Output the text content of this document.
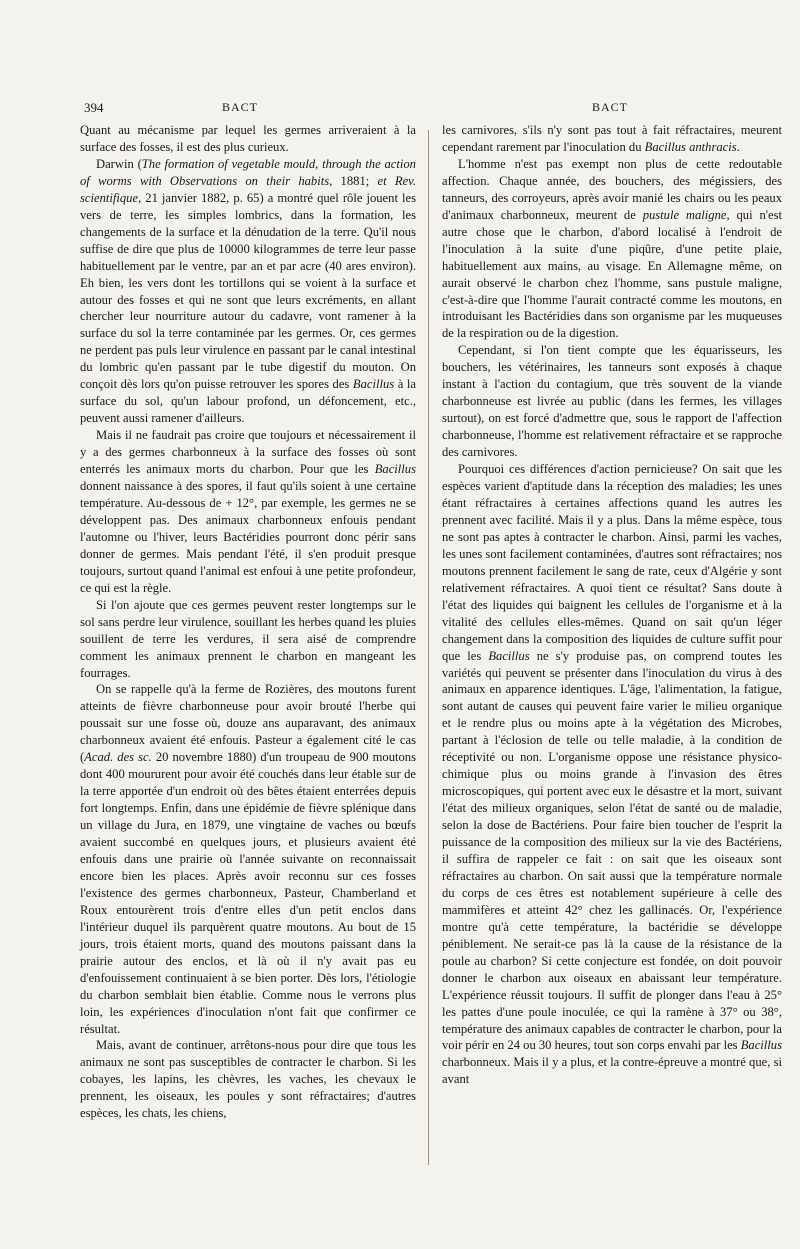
394	BACT	BACT

Quant au mécanisme par lequel les germes arriveraient à la surface des fosses, il est des plus curieux.

Darwin (The formation of vegetable mould, through the action of worms with Observations on their habits, 1881; et Rev. scientifique, 21 janvier 1882, p. 65) a montré quel rôle jouent les vers de terre, les simples lombrics, dans la formation, les changements de la surface et la dénudation de la terre. Qu'il nous suffise de dire que plus de 10000 kilogrammes de terre leur passe habituellement par le ventre, par an et par acre (40 ares environ). Eh bien, les vers dont les tortillons qui se voient à la surface et autour des fosses et qui ne sont que leurs excréments, en allant chercher leur nourriture autour du cadavre, vont ramener à la surface du sol la terre contaminée par les germes. Or, ces germes ne perdent pas puls leur virulence en passant par le canal intestinal du lombric qu'en passant par le tube digestif du mouton. On conçoit dès lors qu'on puisse retrouver les spores des Bacillus à la surface du sol, qu'un labour profond, un défoncement, etc., peuvent aussi ramener d'ailleurs.

Mais il ne faudrait pas croire que toujours et nécessairement il y a des germes charbonneux à la surface des fosses où sont enterrés les animaux morts du charbon. Pour que les Bacillus donnent naissance à des spores, il faut qu'ils soient à une certaine température. Au-dessous de + 12°, par exemple, les germes ne se développent pas. Des animaux charbonneux enfouis pendant l'automne ou l'hiver, leurs Bactéridies pourront donc périr sans donner de germes. Mais pendant l'été, il s'en produit presque toujours, surtout quand l'animal est enfoui à une petite profondeur, ce qui est la règle.

Si l'on ajoute que ces germes peuvent rester longtemps sur le sol sans perdre leur virulence, souillant les herbes quand les pluies souillent de terre les verdures, il sera aisé de comprendre comment les animaux prennent le charbon en mangeant les fourrages.

On se rappelle qu'à la ferme de Rozières, des moutons furent atteints de fièvre charbonneuse pour avoir brouté l'herbe qui poussait sur une fosse où, douze ans auparavant, des animaux charbonneux avaient été enfouis. Pasteur a également cité le cas (Acad. des sc. 20 novembre 1880) d'un troupeau de 900 moutons dont 400 moururent pour avoir été couchés dans leur étable sur de la terre apportée d'un endroit où des bêtes étaient enterrées depuis fort longtemps. Enfin, dans une épidémie de fièvre splénique dans un village du Jura, en 1879, une vingtaine de vaches ou bœufs avaient succombé en quelques jours, et plusieurs avaient été enfouis dans une prairie où l'année suivante on reconnaissait encore bien les places. Après avoir reconnu sur ces fosses l'existence des germes charbonneux, Pasteur, Chamberland et Roux entourèrent trois d'entre elles d'un petit enclos dans l'intérieur duquel ils parquèrent quatre moutons. Au bout de 15 jours, trois étaient morts, quand des moutons paissant dans la prairie autour des enclos, et là où il n'y avait pas eu d'enfouissement continuaient à se bien porter. Dès lors, l'étiologie du charbon semblait bien établie. Comme nous le verrons plus loin, les expériences d'inoculation n'ont fait que confirmer ce résultat.

Mais, avant de continuer, arrêtons-nous pour dire que tous les animaux ne sont pas susceptibles de contracter le charbon. Si les cobayes, les lapins, les chèvres, les vaches, les chevaux le prennent, les oiseaux, les poules y sont réfractaires; d'autres espèces, les chats, les chiens,

les carnivores, s'ils n'y sont pas tout à fait réfractaires, meurent cependant rarement par l'inoculation du Bacillus anthracis.

L'homme n'est pas exempt non plus de cette redoutable affection. Chaque année, des bouchers, des mégissiers, des tanneurs, des corroyeurs, après avoir manié les chairs ou les peaux d'animaux charbonneux, meurent de pustule maligne, qui n'est autre chose que le charbon, d'abord localisé à l'endroit de l'inoculation à la suite d'une piqûre, d'une petite plaie, habituellement aux mains, au visage. En Allemagne même, on aurait observé le charbon chez l'homme, sans pustule maligne, c'est-à-dire que l'homme l'aurait contracté comme les moutons, en introduisant les Bactéridies dans son organisme par les muqueuses de la respiration ou de la digestion.

Cependant, si l'on tient compte que les équarisseurs, les bouchers, les vétérinaires, les tanneurs sont exposés à chaque instant à l'action du contagium, que très souvent de la viande charbonneuse est livrée au public (dans les fermes, les villages surtout), on est forcé d'admettre que, sous le rapport de l'affection charbonneuse, l'homme est relativement réfractaire et se rapproche des carnivores.

Pourquoi ces différences d'action pernicieuse? On sait que les espèces varient d'aptitude dans la réception des maladies; les unes étant réfractaires à certaines affections quand les autres les prennent avec facilité. Mais il y a plus. Dans la même espèce, tous ne sont pas aptes à contracter le charbon. Ainsi, parmi les vaches, les unes sont facilement contaminées, d'autres sont réfractaires; nos moutons prennent facilement le sang de rate, ceux d'Algérie y sont relativement réfractaires. A quoi tient ce résultat? Sans doute à l'état des liquides qui baignent les cellules de l'organisme et à la vitalité des cellules elles-mêmes. Quand on sait qu'un léger changement dans la composition des liquides de culture suffit pour que les Bacillus ne s'y produise pas, on comprend toutes les variétés qui peuvent se présenter dans l'inoculation du virus à des animaux en apparence identiques. L'âge, l'alimentation, la fatigue, sont autant de causes qui peuvent faire varier le milieu organique et le rendre plus ou moins apte à la végétation des Microbes, partant à l'éclosion de telle ou telle maladie, à la condition de réceptivité ou non. L'organisme oppose une résistance physico-chimique plus ou moins grande à l'invasion des êtres microscopiques, qui portent avec eux le désastre et la mort, suivant l'état des milieux organiques, selon l'état de santé ou de maladie, selon la dose de Bactériens. Pour faire bien toucher de l'esprit la puissance de la composition des milieux sur la vie des Bactériens, il suffira de rappeler ce fait : on sait que les oiseaux sont réfractaires au charbon. On sait aussi que la température normale du corps de ces êtres est notablement supérieure à celle des mammifères et atteint 42° chez les gallinacés. Or, l'expérience montre qu'à cette température, la bactéridie se développe péniblement. Ne serait-ce pas là la cause de la résistance de la poule au charbon? Si cette conjecture est fondée, on doit pouvoir donner le charbon aux oiseaux en abaissant leur température. L'expérience réussit toujours. Il suffit de plonger dans l'eau à 25° les pattes d'une poule inoculée, ce qui la ramène à 37° ou 38°, température des animaux capables de contracter le charbon, pour la voir périr en 24 ou 30 heures, tout son corps envahi par les Bacillus charbonneux. Mais il y a plus, et la contre-épreuve a montré que, si avant
